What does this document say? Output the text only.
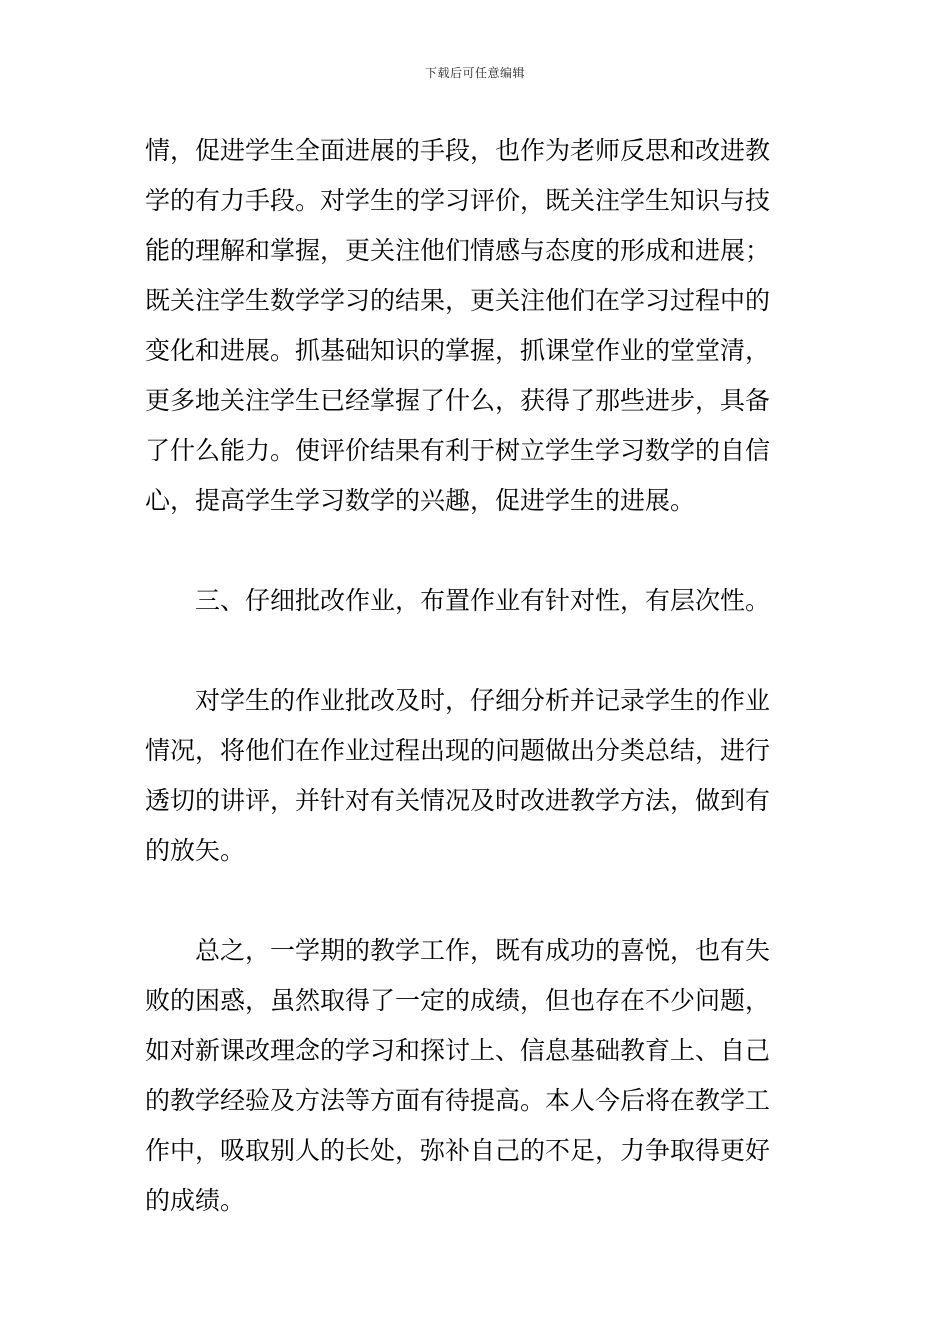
下载后可任意编辑
情，促进学生全面进展的手段，也作为老师反思和改进教
学的有力手段。对学生的学习评价，既关注学生知识与技
能的理解和掌握，更关注他们情感与态度的形成和进展；
既关注学生数学学习的结果，更关注他们在学习过程中的
变化和进展。抓基础知识的掌握，抓课堂作业的堂堂清，
更多地关注学生已经掌握了什么，获得了那些进步，具备
了什么能力。使评价结果有利于树立学生学习数学的自信
心，提高学生学习数学的兴趣，促进学生的进展。
　　三、仔细批改作业，布置作业有针对性，有层次性。
　　对学生的作业批改及时，仔细分析并记录学生的作业
情况，将他们在作业过程出现的问题做出分类总结，进行
透切的讲评，并针对有关情况及时改进教学方法，做到有
的放矢。
　　总之，一学期的教学工作，既有成功的喜悦，也有失
败的困惑，虽然取得了一定的成绩，但也存在不少问题，
如对新课改理念的学习和探讨上、信息基础教育上、自己
的教学经验及方法等方面有待提高。本人今后将在教学工
作中，吸取别人的长处，弥补自己的不足，力争取得更好
的成绩。
